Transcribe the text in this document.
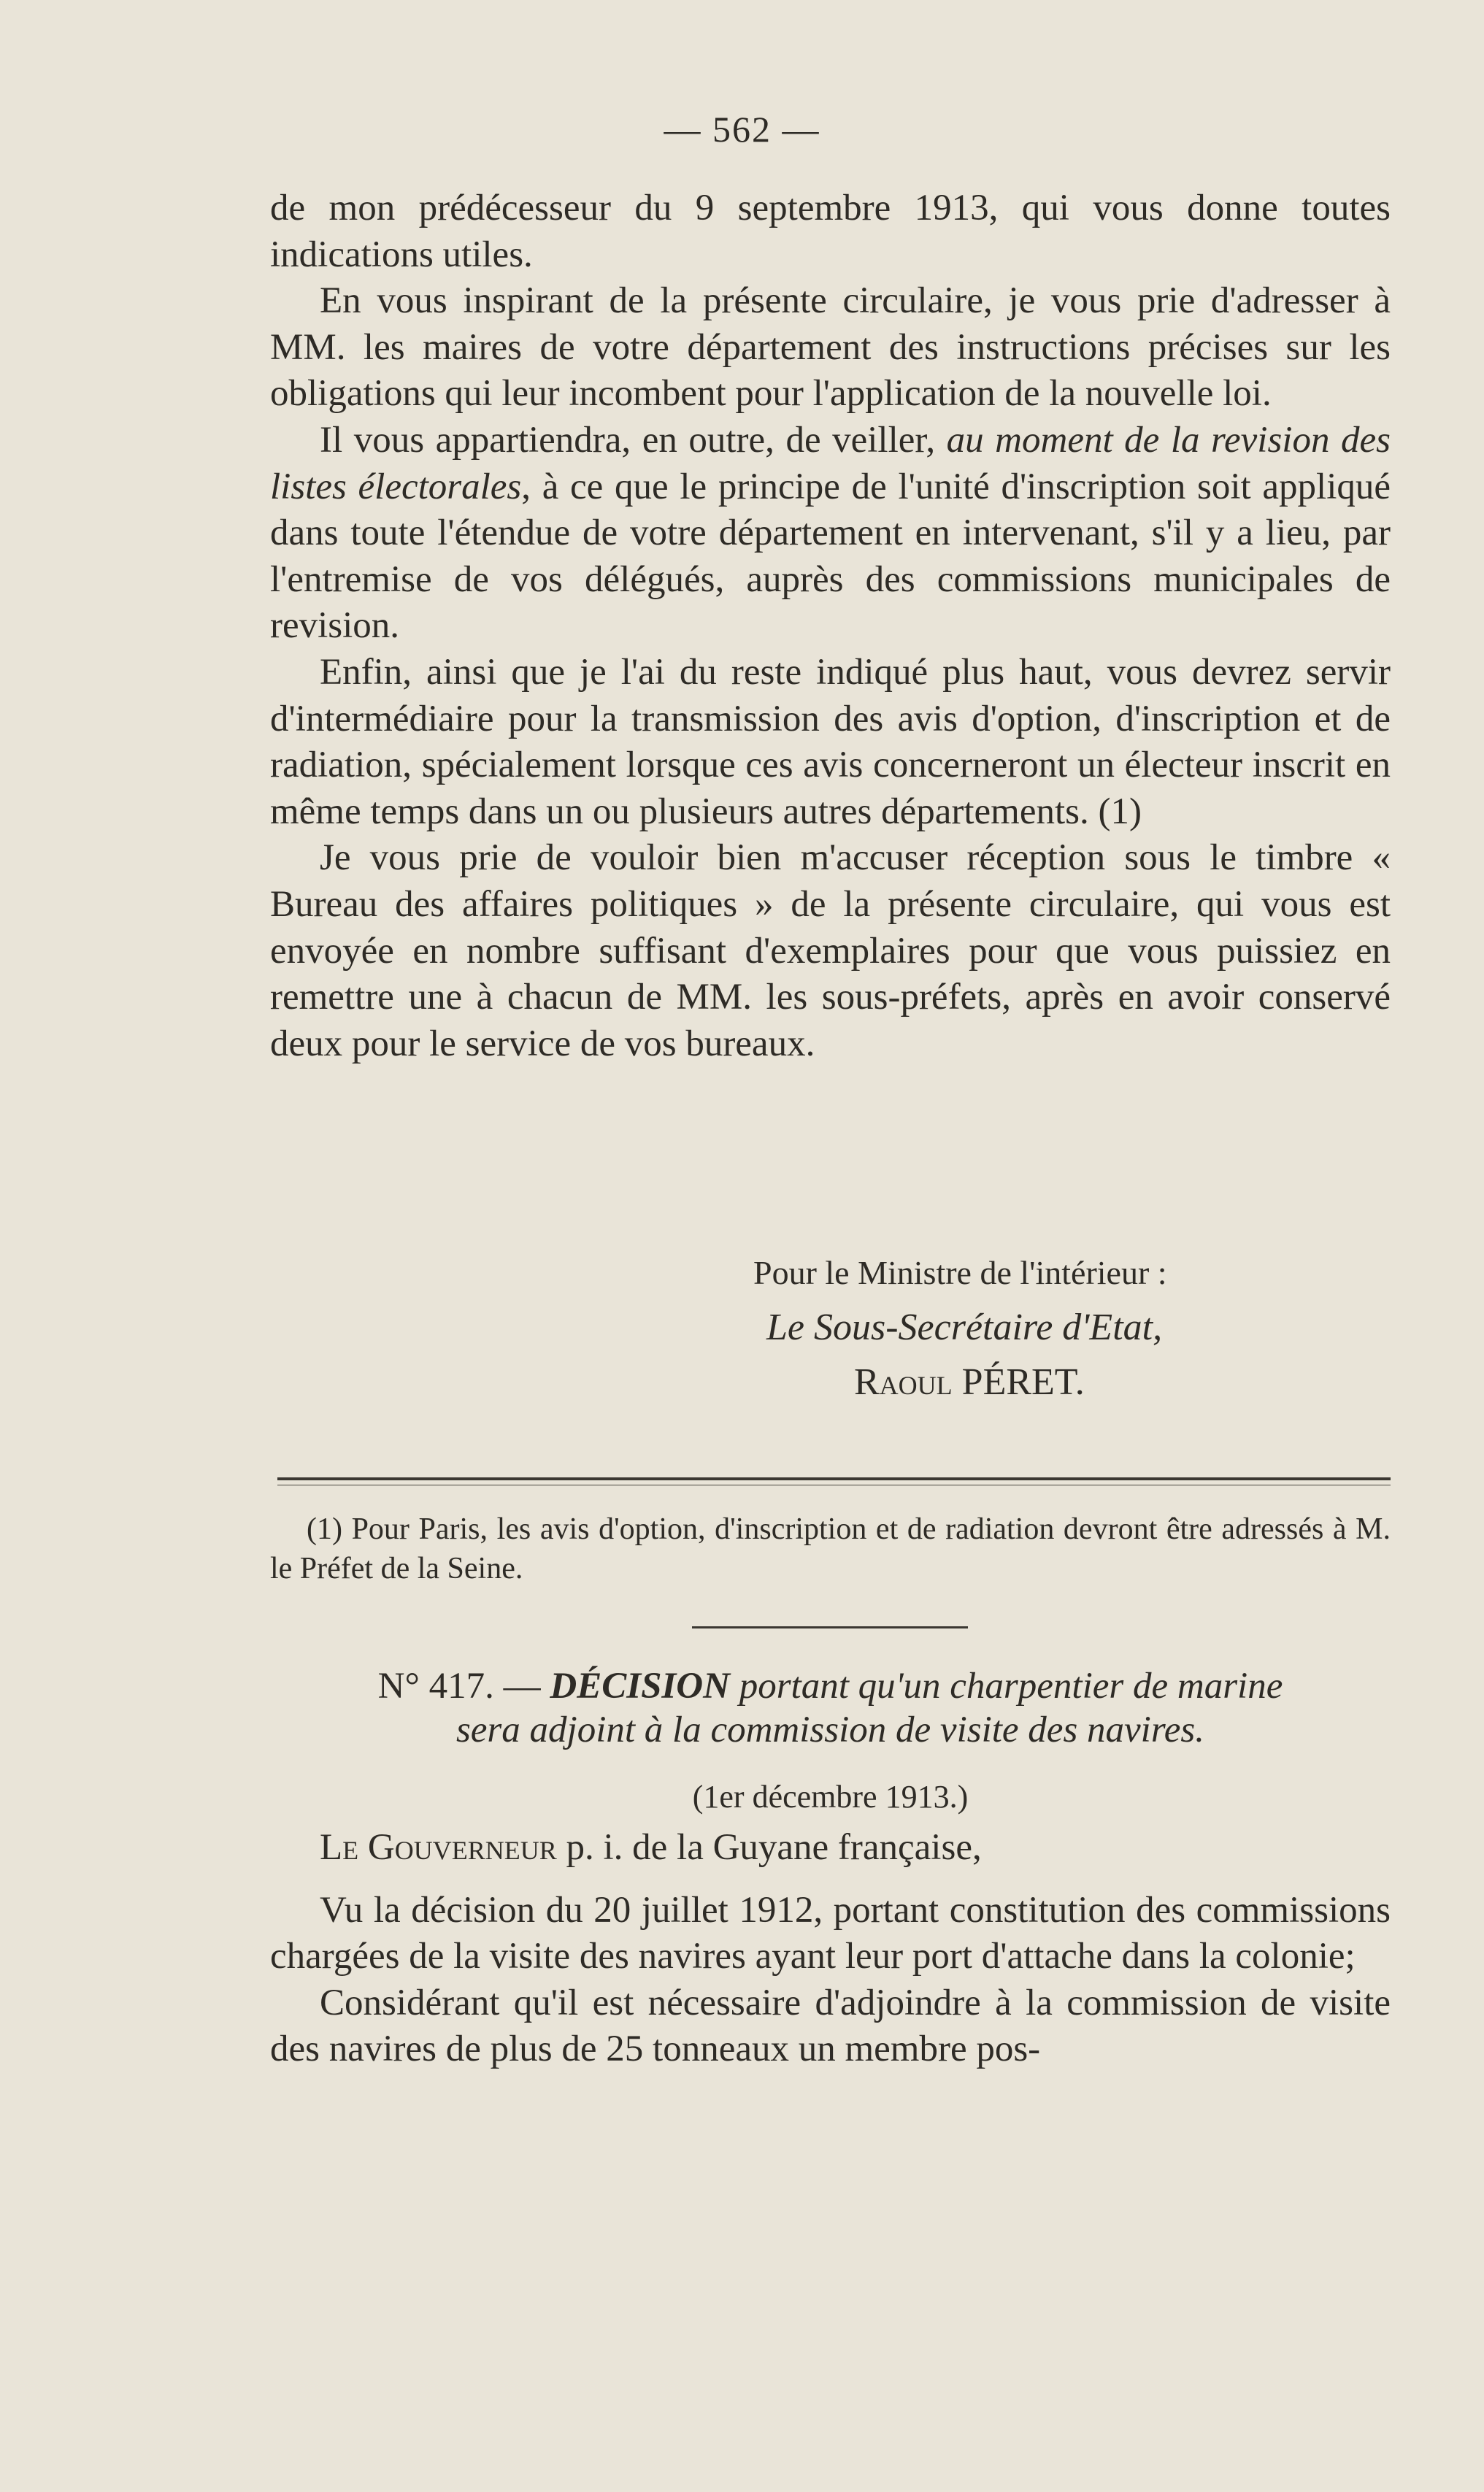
— 562 —

de mon prédécesseur du 9 septembre 1913, qui vous donne toutes indications utiles.

En vous inspirant de la présente circulaire, je vous prie d'adresser à MM. les maires de votre département des instructions précises sur les obligations qui leur incombent pour l'application de la nouvelle loi.

Il vous appartiendra, en outre, de veiller, au moment de la revision des listes électorales, à ce que le principe de l'unité d'inscription soit appliqué dans toute l'étendue de votre département en intervenant, s'il y a lieu, par l'entremise de vos délégués, auprès des commissions municipales de revision.

Enfin, ainsi que je l'ai du reste indiqué plus haut, vous devrez servir d'intermédiaire pour la transmission des avis d'option, d'inscription et de radiation, spécialement lorsque ces avis concerneront un électeur inscrit en même temps dans un ou plusieurs autres départements. (1)

Je vous prie de vouloir bien m'accuser réception sous le timbre « Bureau des affaires politiques » de la présente circulaire, qui vous est envoyée en nombre suffisant d'exemplaires pour que vous puissiez en remettre une à chacun de MM. les sous-préfets, après en avoir conservé deux pour le service de vos bureaux.

Pour le Ministre de l'intérieur :
Le Sous-Secrétaire d'Etat,
Raoul PÉRET.

(1) Pour Paris, les avis d'option, d'inscription et de radiation devront être adressés à M. le Préfet de la Seine.

N° 417. — DÉCISION portant qu'un charpentier de marine
sera adjoint à la commission de visite des navires.
(1er décembre 1913.)

Le Gouverneur p. i. de la Guyane française,

Vu la décision du 20 juillet 1912, portant constitution des commissions chargées de la visite des navires ayant leur port d'attache dans la colonie;

Considérant qu'il est nécessaire d'adjoindre à la commission de visite des navires de plus de 25 tonneaux un membre pos-
